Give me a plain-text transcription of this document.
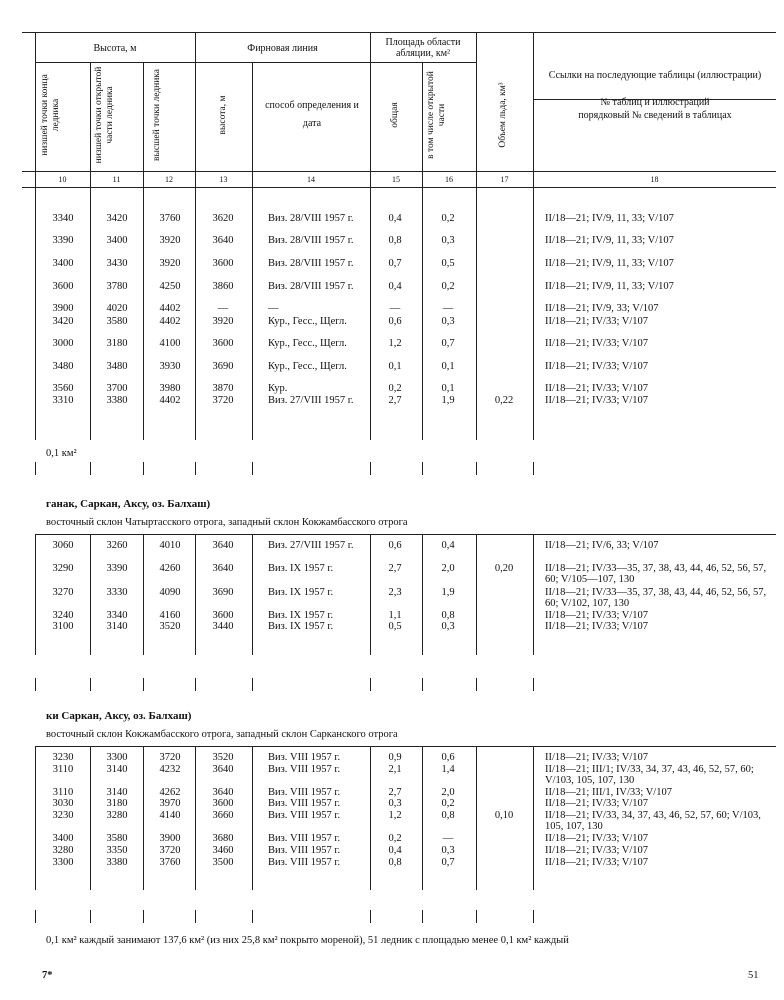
Высота, м	Фирновая линия
Площадь области абляции, км²
Ссылки на последующие таблицы (иллюстрации)
№ таблиц и иллюстраций
порядковый № сведений в таблицах
низшей точки конца ледника	низшей точки открытой части ледника	высшей точки ледника	высота, м	способ определения и дата	общая	в том числе открытой части	Объем льда, км³
10	11	12	13	14	15	16	17	18
3340	3420	3760	3620	Виз. 28/VIII 1957 г.	0,4	0,2	II/18—21; IV/9, 11, 33; V/107
3390	3400	3920	3640	Виз. 28/VIII 1957 г.	0,8	0,3	II/18—21; IV/9, 11, 33; V/107
3400	3430	3920	3600	Виз. 28/VIII 1957 г.	0,7	0,5	II/18—21; IV/9, 11, 33; V/107
3600	3780	4250	3860	Виз. 28/VIII 1957 г.	0,4	0,2	II/18—21; IV/9, 11, 33; V/107
3900	4020	4402	—	—	—	—	II/18—21; IV/9, 33; V/107
3420	3580	4402	3920	Кур., Гесс., Щегл.	0,6	0,3	II/18—21; IV/33; V/107
3000	3180	4100	3600	Кур., Гесс., Щегл.	1,2	0,7	II/18—21; IV/33; V/107
3480	3480	3930	3690	Кур., Гесс., Щегл.	0,1	0,1	II/18—21; IV/33; V/107
3560	3700	3980	3870	Кур.	0,2	0,1	II/18—21; IV/33; V/107
3310	3380	4402	3720	Виз. 27/VIII 1957 г.	2,7	1,9	0,22	II/18—21; IV/33; V/107
0,1 км²
ганак, Саркан, Аксу, оз. Балхаш)
восточный склон Чатыртасского отрога, западный склон Кокжамбасского отрога
3060	3260	4010	3640	Виз. 27/VIII 1957 г.	0,6	0,4	II/18—21; IV/6, 33; V/107
3290	3390	4260	3640	Виз. IX 1957 г.	2,7	2,0	0,20	II/18—21; IV/33—35, 37, 38, 43, 44, 46, 52, 56, 57, 60; V/105—107, 130
3270	3330	4090	3690	Виз. IX 1957 г.	2,3	1,9	II/18—21; IV/33—35, 37, 38, 43, 44, 46, 52, 56, 57, 60; V/102, 107, 130
3240	3340	4160	3600	Виз. IX 1957 г.	1,1	0,8	II/18—21; IV/33; V/107
3100	3140	3520	3440	Виз. IX 1957 г.	0,5	0,3	II/18—21; IV/33; V/107
ки Саркан, Аксу, оз. Балхаш)
восточный склон Кокжамбасского отрога, западный склон Сарканского отрога
3230	3300	3720	3520	Виз. VIII 1957 г.	0,9	0,6	II/18—21; IV/33; V/107
3110	3140	4232	3640	Виз. VIII 1957 г.	2,1	1,4	II/18—21; III/1; IV/33, 34, 37, 43, 46, 52, 57, 60; V/103, 105, 107, 130
3110	3140	4262	3640	Виз. VIII 1957 г.	2,7	2,0	II/18—21; III/1, IV/33; V/107
3030	3180	3970	3600	Виз. VIII 1957 г.	0,3	0,2	II/18—21; IV/33; V/107
3230	3280	4140	3660	Виз. VIII 1957 г.	1,2	0,8	0,10	II/18—21; IV/33, 34, 37, 43, 46, 52, 57, 60; V/103, 105, 107, 130
3400	3580	3900	3680	Виз. VIII 1957 г.	0,2	—	II/18—21; IV/33; V/107
3280	3350	3720	3460	Виз. VIII 1957 г.	0,4	0,3	II/18—21; IV/33; V/107
3300	3380	3760	3500	Виз. VIII 1957 г.	0,8	0,7	II/18—21; IV/33; V/107
0,1 км² каждый занимают 137,6 км² (из них 25,8 км² покрыто мореной), 51 ледник с площадью менее 0,1 км² каждый
7*	51
